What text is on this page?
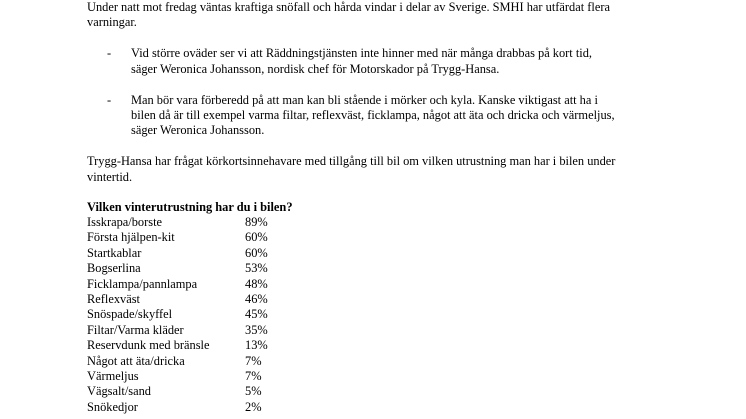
Under natt mot fredag väntas kraftiga snöfall och hårda vindar i delar av Sverige. SMHI har utfärdat flera

varningar.

- Vid större oväder ser vi att Räddningstjänsten inte hinner med när många drabbas på kort tid,

säger Weronica Johansson, nordisk chef för Motorskador på Trygg-Hansa.

- Man bör vara förberedd på att man kan bli stående i mörker och kyla. Kanske viktigast att ha i

bilen då är till exempel varma filtar, reflexväst, ficklampa, något att äta och dricka och värmeljus,

säger Weronica Johansson.

Trygg-Hansa har frågat körkortsinnehavare med tillgång till bil om vilken utrustning man har i bilen under

vintertid.

Vilken vinterutrustning har du i bilen?
Isskrapa/borste	89%
Första hjälpen-kit	60%
Startkablar	60%
Bogserlina	53%
Ficklampa/pannlampa	48%
Reflexväst	46%
Snöspade/skyffel	45%
Filtar/Varma kläder	35%
Reservdunk med bränsle	13%
Något att äta/dricka	7%
Värmeljus	7%
Vägsalt/sand	5%
Snökedjor	2%
